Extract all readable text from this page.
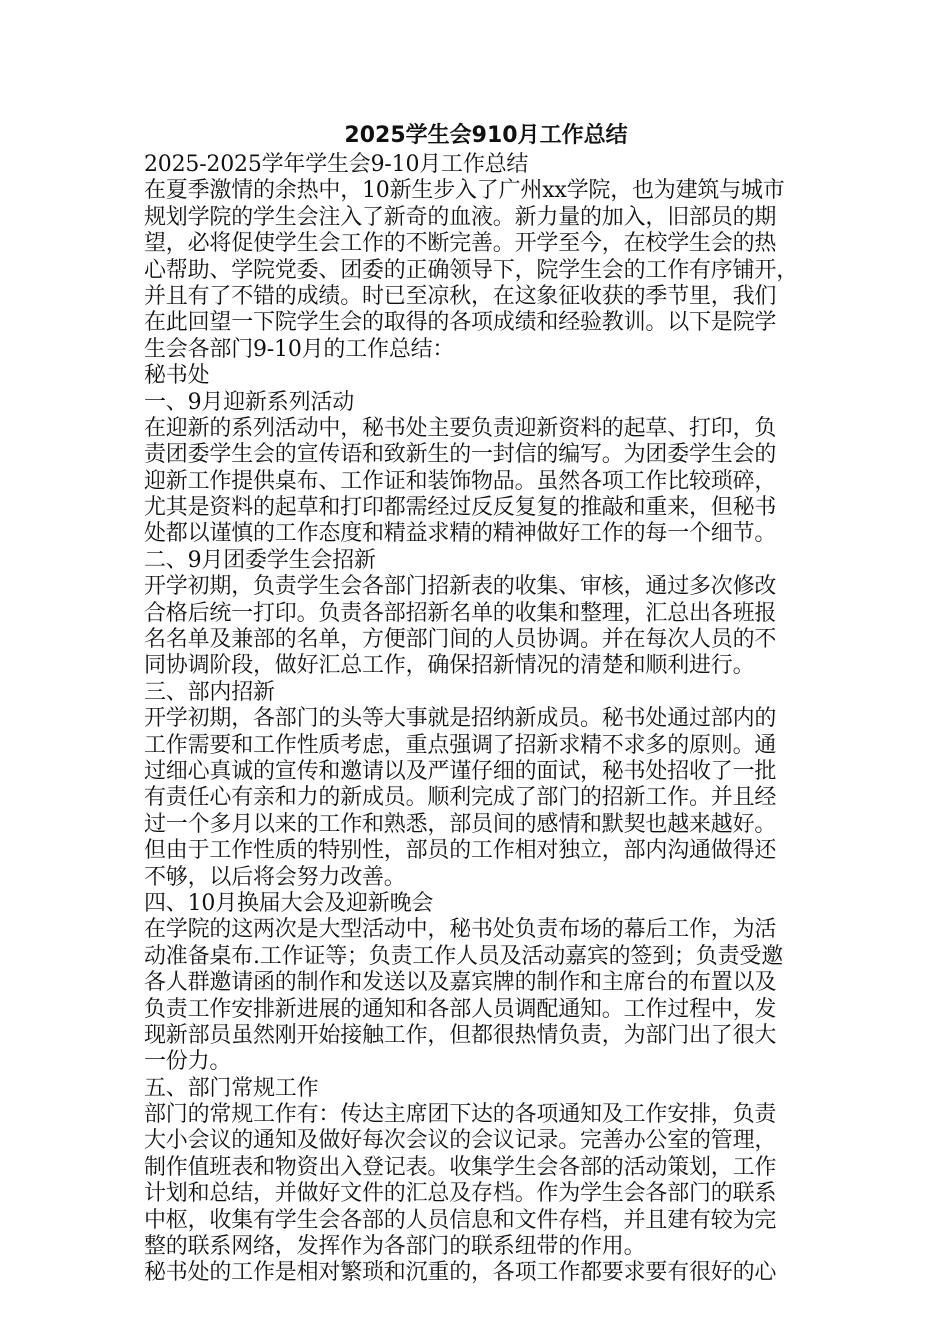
2025学生会910月工作总结
2025-2025学年学生会9-10月工作总结
在夏季激情的余热中，10新生步入了广州xx学院，也为建筑与城市
规划学院的学生会注入了新奇的血液。新力量的加入，旧部员的期
望，必将促使学生会工作的不断完善。开学至今，在校学生会的热
心帮助、学院党委、团委的正确领导下，院学生会的工作有序铺开，
并且有了不错的成绩。时已至凉秋，在这象征收获的季节里，我们
在此回望一下院学生会的取得的各项成绩和经验教训。以下是院学
生会各部门9-10月的工作总结：
秘书处
一、9月迎新系列活动
在迎新的系列活动中，秘书处主要负责迎新资料的起草、打印，负
责团委学生会的宣传语和致新生的一封信的编写。为团委学生会的
迎新工作提供桌布、工作证和装饰物品。虽然各项工作比较琐碎，
尤其是资料的起草和打印都需经过反反复复的推敲和重来，但秘书
处都以谨慎的工作态度和精益求精的精神做好工作的每一个细节。
二、9月团委学生会招新
开学初期，负责学生会各部门招新表的收集、审核，通过多次修改
合格后统一打印。负责各部招新名单的收集和整理，汇总出各班报
名名单及兼部的名单，方便部门间的人员协调。并在每次人员的不
同协调阶段，做好汇总工作，确保招新情况的清楚和顺利进行。
三、部内招新
开学初期，各部门的头等大事就是招纳新成员。秘书处通过部内的
工作需要和工作性质考虑，重点强调了招新求精不求多的原则。通
过细心真诚的宣传和邀请以及严谨仔细的面试，秘书处招收了一批
有责任心有亲和力的新成员。顺利完成了部门的招新工作。并且经
过一个多月以来的工作和熟悉，部员间的感情和默契也越来越好。
但由于工作性质的特别性，部员的工作相对独立，部内沟通做得还
不够，以后将会努力改善。
四、10月换届大会及迎新晚会
在学院的这两次是大型活动中，秘书处负责布场的幕后工作，为活
动准备桌布.工作证等；负责工作人员及活动嘉宾的签到；负责受邀
各人群邀请函的制作和发送以及嘉宾牌的制作和主席台的布置以及
负责工作安排新进展的通知和各部人员调配通知。工作过程中，发
现新部员虽然刚开始接触工作，但都很热情负责，为部门出了很大
一份力。
五、部门常规工作
部门的常规工作有：传达主席团下达的各项通知及工作安排，负责
大小会议的通知及做好每次会议的会议记录。完善办公室的管理，
制作值班表和物资出入登记表。收集学生会各部的活动策划，工作
计划和总结，并做好文件的汇总及存档。作为学生会各部门的联系
中枢，收集有学生会各部的人员信息和文件存档，并且建有较为完
整的联系网络，发挥作为各部门的联系纽带的作用。
秘书处的工作是相对繁琐和沉重的，各项工作都要求要有很好的心
